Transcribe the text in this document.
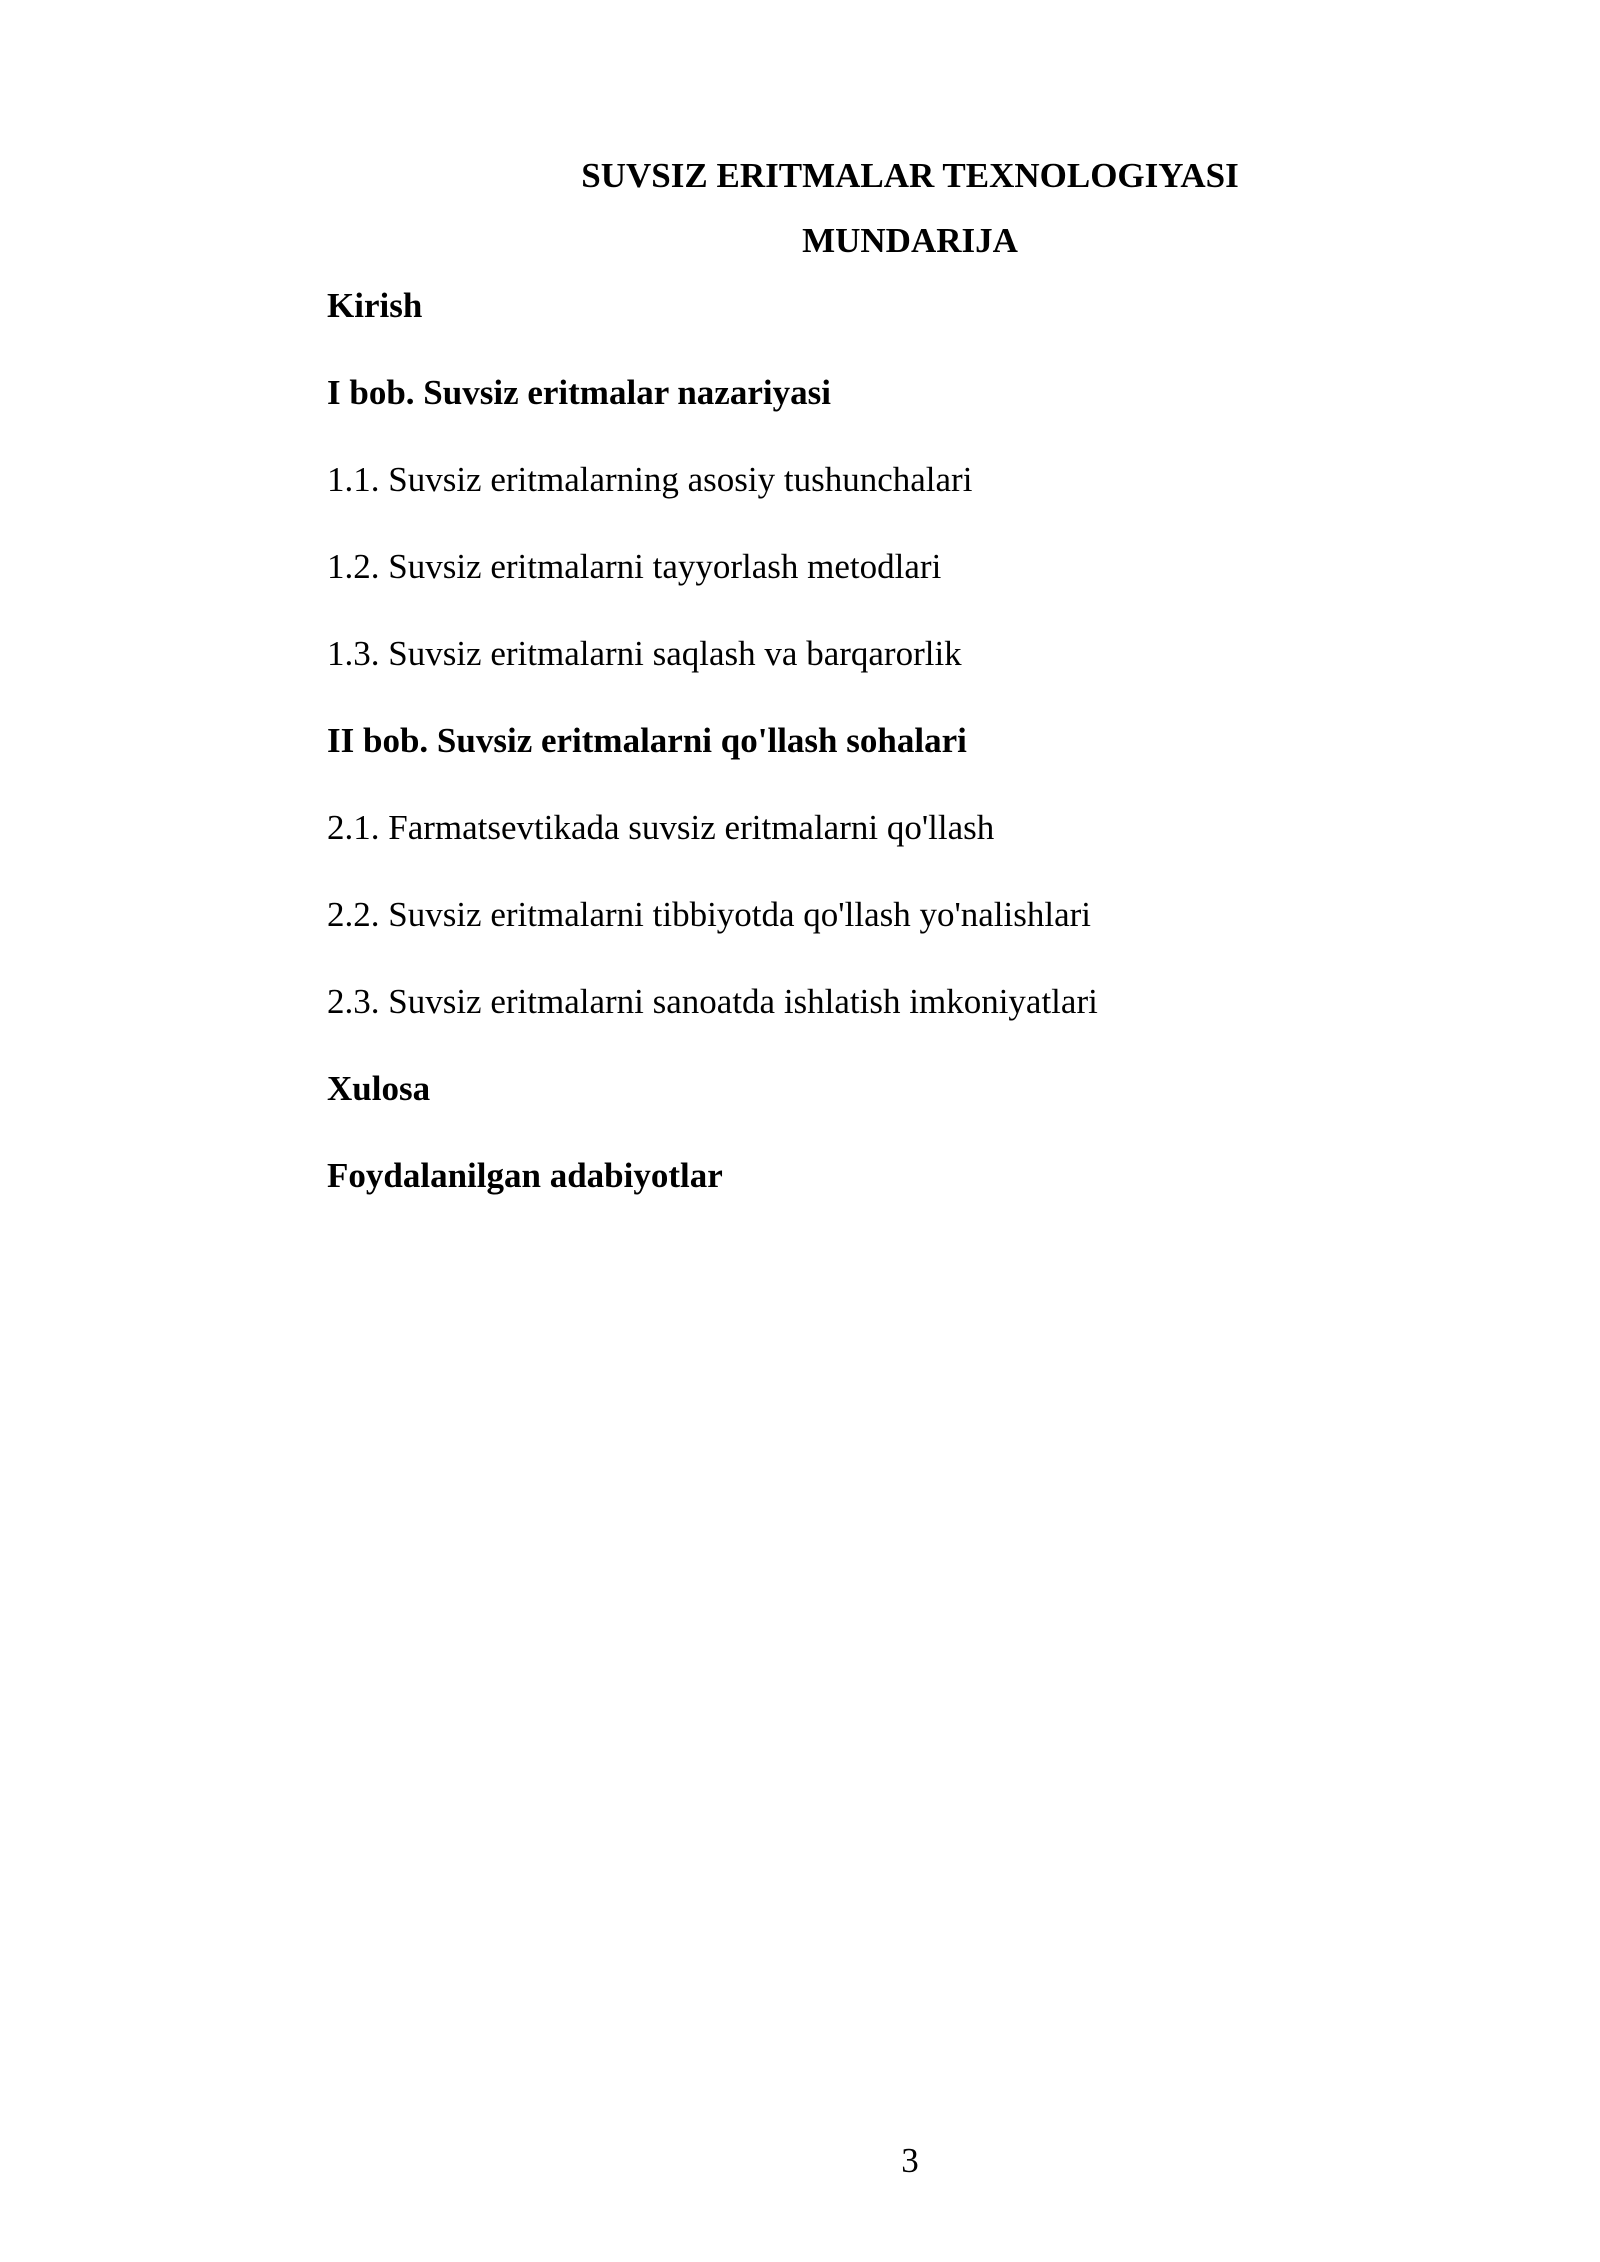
SUVSIZ ERITMALAR TEXNOLOGIYASI
MUNDARIJA
Kirish
I bob. Suvsiz eritmalar nazariyasi
1.1. Suvsiz eritmalarning asosiy tushunchalari
1.2. Suvsiz eritmalarni tayyorlash metodlari
1.3. Suvsiz eritmalarni saqlash va barqarorlik
II bob. Suvsiz eritmalarni qo'llash sohalari
2.1. Farmatsevtikada suvsiz eritmalarni qo'llash
2.2. Suvsiz eritmalarni tibbiyotda qo'llash yo'nalishlari
2.3. Suvsiz eritmalarni sanoatda ishlatish imkoniyatlari
Xulosa
Foydalanilgan adabiyotlar
3
